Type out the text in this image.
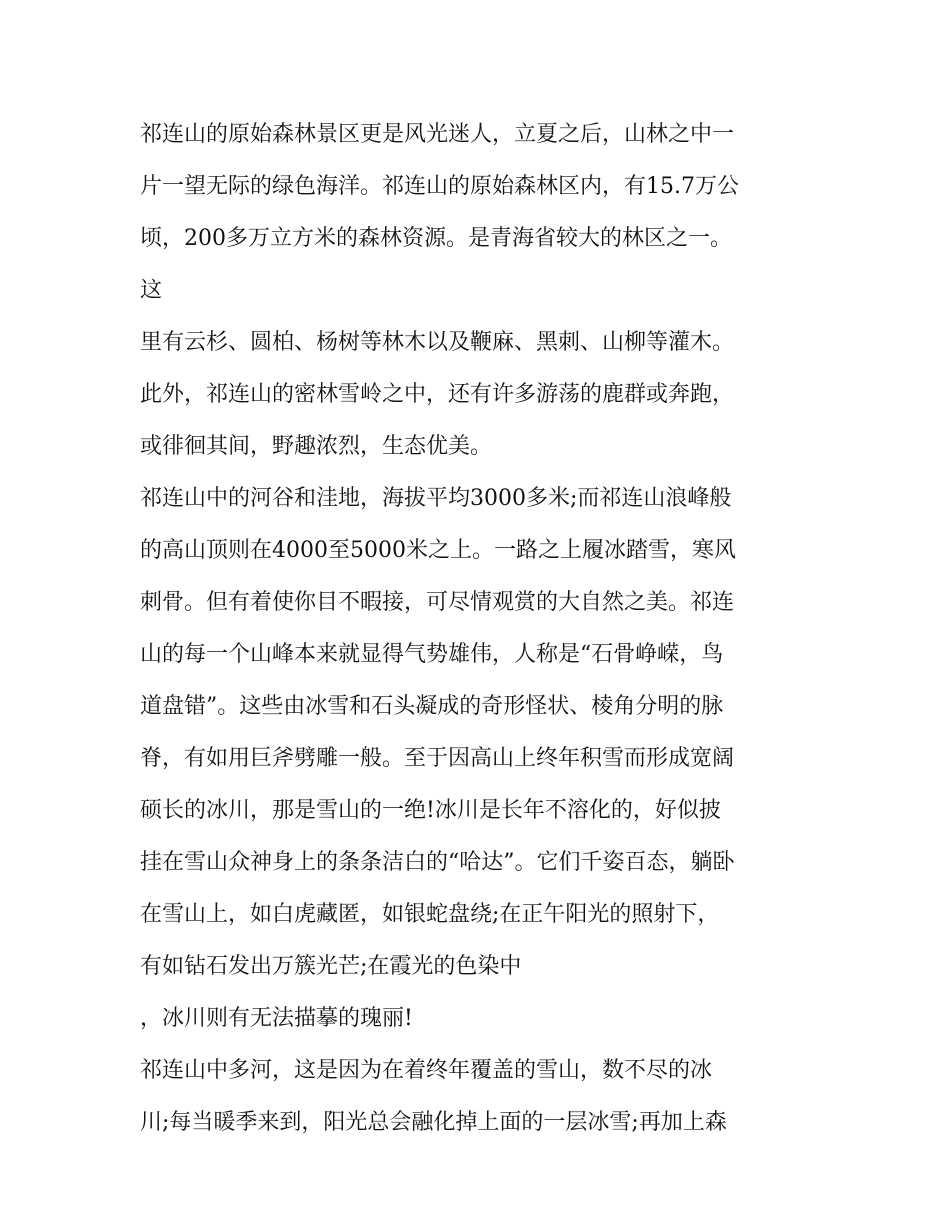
祁连山的原始森林景区更是风光迷人，立夏之后，山林之中一
片一望无际的绿色海洋。祁连山的原始森林区内，有15.7万公
顷，200多万立方米的森林资源。是青海省较大的林区之一。
这
里有云杉、圆柏、杨树等林木以及鞭麻、黑刺、山柳等灌木。
此外，祁连山的密林雪岭之中，还有许多游荡的鹿群或奔跑，
或徘徊其间，野趣浓烈，生态优美。
祁连山中的河谷和洼地，海拔平均3000多米;而祁连山浪峰般
的高山顶则在4000至5000米之上。一路之上履冰踏雪，寒风
刺骨。但有着使你目不暇接，可尽情观赏的大自然之美。祁连
山的每一个山峰本来就显得气势雄伟，人称是“石骨峥嵘，鸟
道盘错”。这些由冰雪和石头凝成的奇形怪状、棱角分明的脉
脊，有如用巨斧劈雕一般。至于因高山上终年积雪而形成宽阔
硕长的冰川，那是雪山的一绝!冰川是长年不溶化的，好似披
挂在雪山众神身上的条条洁白的“哈达”。它们千姿百态，躺卧
在雪山上，如白虎藏匿，如银蛇盘绕;在正午阳光的照射下，
有如钻石发出万簇光芒;在霞光的色染中
，冰川则有无法描摹的瑰丽!
祁连山中多河，这是因为在着终年覆盖的雪山，数不尽的冰
川;每当暖季来到，阳光总会融化掉上面的一层冰雪;再加上森
